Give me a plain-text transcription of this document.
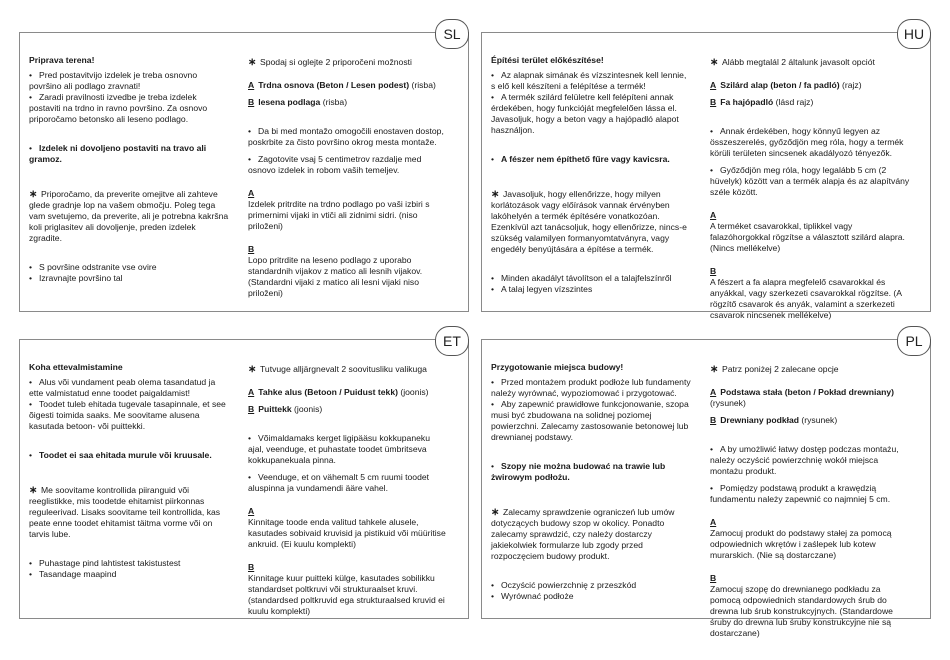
SL

Priprava terena!

• Pred postavitvijo izdelek je treba osnovno površino ali podlago zravnati!

• Zaradi pravilnosti izvedbe je treba izdelek postaviti na trdno in ravno površino. Za osnovo priporočamo betonsko ali leseno podlago.

• Izdelek ni dovoljeno postaviti na travo ali gramoz.

∗ Priporočamo, da preverite omejitve ali zahteve glede gradnje lop na vašem območju. Poleg tega vam svetujemo, da preverite, ali je potrebna kakršna koli priglasitev ali dovoljenje, preden izdelek zgradite.

• S površine odstranite vse ovire

• Izravnajte površino tal

∗ Spodaj si oglejte 2 priporočeni možnosti

A Trdna osnova (Beton / Lesen podest) (risba)

B lesena podlaga (risba)

• Da bi med montažo omogočili enostaven dostop, poskrbite za čisto površino okrog mesta montaže.

• Zagotovite vsaj 5 centimetrov razdalje med osnovo izdelek in robom vaših temeljev.

A

Izdelek pritrdite na trdno podlago po vaši izbiri s primernimi vijaki in vtiči ali zidnimi sidri. (niso priloženi)

B

Lopo pritrdite na leseno podlago z uporabo standardnih vijakov z matico ali lesnih vijakov. (Standardni vijaki z matico ali lesni vijaki niso priloženi)

HU

Építési terület előkészítése!

• Az alapnak simának és vízszintesnek kell lennie, s elő kell készíteni a felépítése a termék!

• A termék szilárd felületre kell felépíteni annak érdekében, hogy funkcióját megfelelően lássa el. Javasoljuk, hogy a beton vagy a hajópadló alapot használjon.

• A fészer nem építhető fűre vagy kavicsra.

∗ Javasoljuk, hogy ellenőrizze, hogy milyen korlátozások vagy előírások vannak érvényben lakóhelyén a termék építésére vonatkozóan. Ezenkívül azt tanácsoljuk, hogy ellenőrizze, nincs-e szükség valamilyen formanyomtatványra, vagy engedély benyújtására a építése a termék.

• Minden akadályt távolítson el a talajfelszínről

• A talaj legyen vízszintes

∗ Alább megtalál 2 általunk javasolt opciót

A Szilárd alap (beton / fa padló) (rajz)

B Fa hajópadló (lásd rajz)

• Annak érdekében, hogy könnyű legyen az összeszerelés, győződjön meg róla, hogy a termék körüli területen sincsenek akadályozó tényezők.

• Győződjön meg róla, hogy legalább 5 cm (2 hüvelyk) között van a termék alapja és az alapítvány széle között.

A

A terméket csavarokkal, tiplikkel vagy falazóhorgokkal rögzítse a választott szilárd alapra. (Nincs mellékelve)

B

A fészert a fa alapra megfelelő csavarokkal és anyákkal, vagy szerkezeti csavarokkal rögzítse. (A rögzítő csavarok és anyák, valamint a szerkezeti csavarok nincsenek mellékelve)

ET

Koha ettevalmistamine

• Alus või vundament peab olema tasandatud ja ette valmistatud enne toodet paigaldamist!

• Toodet tuleb ehitada tugevale tasapinnale, et see õigesti toimida saaks. Me soovitame alusena kasutada betoon- või puittekki.

• Toodet ei saa ehitada murule või kruusale.

∗ Me soovitame kontrollida piiranguid või reeglistikke, mis toodetde ehitamist piirkonnas reguleerivad. Lisaks soovitame teil kontrollida, kas peate enne toodet ehitamist täitma vorme või on tarvis lube.

• Puhastage pind lahtistest takistustest

• Tasandage maapind

∗ Tutvuge alljärgnevalt 2 soovitusliku valikuga

A Tahke alus (Betoon / Puidust tekk) (joonis)

B Puittekk (joonis)

• Võimaldamaks kerget ligipääsu kokkupaneku ajal, veenduge, et puhastate toodet ümbritseva kokkupanekuala pinna.

• Veenduge, et on vähemalt 5 cm ruumi toodet aluspinna ja vundamendi ääre vahel.

A

Kinnitage toode enda valitud tahkele alusele, kasutades sobivaid kruvisid ja pistikuid või müüritise ankruid. (Ei kuulu komplekti)

B

Kinnitage kuur puitteki külge, kasutades sobilikku standardset poltkruvi või strukturaalset kruvi. (standardsed poltkruvid ega strukturaalsed kruvid ei kuulu komplekti)

PL

Przygotowanie miejsca budowy!

• Przed montażem produkt podłoże lub fundamenty należy wyrównać, wypoziomować i przygotować.

• Aby zapewnić prawidłowe funkcjonowanie, szopa musi być zbudowana na solidnej poziomej powierzchni. Zalecamy zastosowanie betonowej lub drewnianej podstawy.

• Szopy nie można budować na trawie lub żwirowym podłożu.

∗ Zalecamy sprawdzenie ograniczeń lub umów dotyczących budowy szop w okolicy. Ponadto zalecamy sprawdzić, czy należy dostarczy jakiekolwiek formularze lub zgody przed rozpoczęciem budowy produkt.

• Oczyścić powierzchnię z przeszkód

• Wyrównać podłoże

∗ Patrz poniżej 2 zalecane opcje

A Podstawa stała (beton / Pokład drewniany) (rysunek)

B Drewniany podkład (rysunek)

• A by umożliwić łatwy dostęp podczas montażu, należy oczyścić powierzchnię wokół miejsca montażu produkt.

• Pomiędzy podstawą produkt a krawędzią fundamentu należy zapewnić co najmniej 5 cm.

A

Zamocuj produkt do podstawy stałej za pomocą odpowiednich wkrętów i zaślepek lub kotew murarskich. (Nie są dostarczane)

B

Zamocuj szopę do drewnianego podkładu za pomocą odpowiednich standardowych śrub do drewna lub śrub konstrukcyjnych. (Standardowe śruby do drewna lub śruby konstrukcyjne nie są dostarczane)
